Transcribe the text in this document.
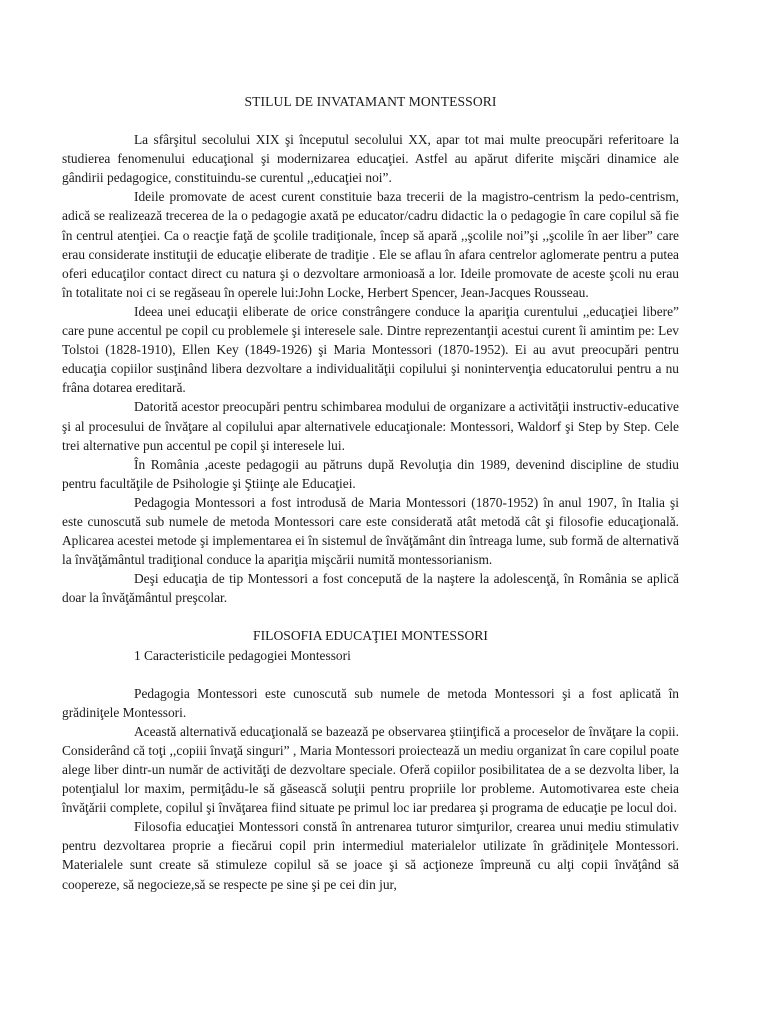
STILUL DE INVATAMANT MONTESSORI

La sfârşitul secolului XIX şi începutul secolului XX, apar tot mai multe preocupări referitoare la studierea fenomenului educaţional şi modernizarea educaţiei. Astfel au apărut diferite mişcări dinamice ale gândirii pedagogice, constituindu-se curentul ,,educaţiei noi”.

Ideile promovate de acest curent constituie baza trecerii de la magistro-centrism la pedo-centrism, adică se realizează trecerea de la o pedagogie axată pe educator/cadru didactic la o pedagogie în care copilul să fie în centrul atenţiei. Ca o reacţie faţă de şcolile tradiţionale, încep să apară ,,şcolile noi”şi ,,şcolile în aer liber” care erau considerate instituţii de educaţie eliberate de tradiţie . Ele se aflau în afara centrelor aglomerate pentru a putea oferi educaţilor contact direct cu natura şi o dezvoltare armonioasă a lor. Ideile promovate de aceste şcoli nu erau în totalitate noi ci se regăseau în operele lui:John Locke, Herbert Spencer, Jean-Jacques Rousseau.

Ideea unei educaţii eliberate de orice constrângere conduce la apariţia curentului ,,educaţiei libere” care pune accentul pe copil cu problemele şi interesele sale. Dintre reprezentanţii acestui curent îi amintim pe: Lev Tolstoi (1828-1910), Ellen Key (1849-1926) şi Maria Montessori (1870-1952). Ei au avut preocupări pentru educaţia copiilor susţinând libera dezvoltare a individualităţii copilului şi nonintervenţia educatorului pentru a nu frâna dotarea ereditară.

Datorită acestor preocupări pentru schimbarea modului de organizare a activităţii instructiv-educative şi al procesului de învăţare al copilului apar alternativele educaţionale: Montessori, Waldorf şi Step by Step. Cele trei alternative pun accentul pe copil şi interesele lui.

În România ,aceste pedagogii au pătruns după Revoluţia din 1989, devenind discipline de studiu pentru facultăţile de Psihologie şi Ştiinţe ale Educaţiei.

Pedagogia Montessori a fost introdusă de Maria Montessori (1870-1952) în anul 1907, în Italia şi este cunoscută sub numele de metoda Montessori care este considerată atât metodă cât şi filosofie educaţională. Aplicarea acestei metode şi implementarea ei în sistemul de învăţământ din întreaga lume, sub formă de alternativă la învăţământul tradiţional conduce la apariţia mişcării numită montessorianism.

Deşi educaţia de tip Montessori a fost concepută de la naştere la adolescenţă, în România se aplică doar la învăţământul preşcolar.

FILOSOFIA EDUCAŢIEI MONTESSORI
1 Caracteristicile pedagogiei Montessori

Pedagogia Montessori este cunoscută sub numele de metoda Montessori şi a fost aplicată în grădiniţele Montessori.

Această alternativă educaţională se bazează pe observarea ştiinţifică a proceselor de învăţare la copii. Considerând că toţi ,,copiii învaţă singuri” , Maria Montessori proiectează un mediu organizat în care copilul poate alege liber dintr-un număr de activităţi de dezvoltare speciale. Oferă copiilor posibilitatea de a se dezvolta liber, la potenţialul lor maxim, permiţâdu-le să găsească soluţii pentru propriile lor probleme. Automotivarea este cheia învăţării complete, copilul şi învăţarea fiind situate pe primul loc iar predarea şi programa de educaţie pe locul doi.

Filosofia educaţiei Montessori constă în antrenarea tuturor simţurilor, crearea unui mediu stimulativ pentru dezvoltarea proprie a fiecărui copil prin intermediul materialelor utilizate în grădiniţele Montessori. Materialele sunt create să stimuleze copilul să se joace şi să acţioneze împreună cu alţi copii învăţând să coopereze, să negocieze,să se respecte pe sine şi pe cei din jur,
